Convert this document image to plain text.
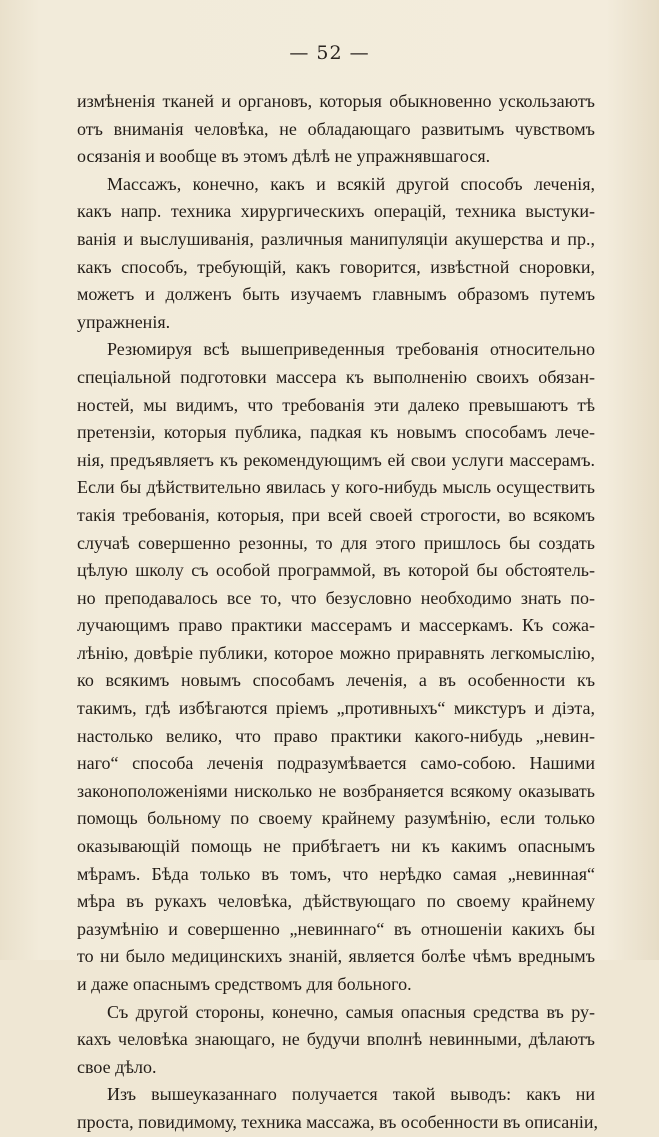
— 52 —
измѣненія тканей и органовъ, которыя обыкновенно ускользаютъ
отъ вниманія человѣка, не обладающаго развитымъ чувствомъ
осязанія и вообще въ этомъ дѣлѣ не упражнявшагося.
Массажъ, конечно, какъ и всякій другой способъ леченія,
какъ напр. техника хирургическихъ операцій, техника выстуки-
ванія и выслушиванія, различныя манипуляціи акушерства и пр.,
какъ способъ, требующій, какъ говорится, извѣстной сноровки,
можетъ и долженъ быть изучаемъ главнымъ образомъ путемъ
упражненія.
Резюмируя всѣ вышеприведенныя требованія относительно
спеціальной подготовки массера къ выполненію своихъ обязан-
ностей, мы видимъ, что требованія эти далеко превышаютъ тѣ
претензіи, которыя публика, падкая къ новымъ способамъ лече-
нія, предъявляетъ къ рекомендующимъ ей свои услуги массерамъ.
Если бы дѣйствительно явилась у кого-нибудь мысль осуществить
такія требованія, которыя, при всей своей строгости, во всякомъ
случаѣ совершенно резонны, то для этого пришлось бы создать
цѣлую школу съ особой программой, въ которой бы обстоятель-
но преподавалось все то, что безусловно необходимо знать по-
лучающимъ право практики массерамъ и массеркамъ. Къ сожа-
лѣнію, довѣріе публики, которое можно приравнять легкомыслію,
ко всякимъ новымъ способамъ леченія, а въ особенности къ
такимъ, гдѣ избѣгаются пріемъ „противныхъ“ микстуръ и діэта,
настолько велико, что право практики какого-нибудь „невин-
наго“ способа леченія подразумѣвается само-собою. Нашими
законоположеніями нисколько не возбраняется всякому оказывать
помощь больному по своему крайнему разумѣнію, если только
оказывающій помощь не прибѣгаетъ ни къ какимъ опаснымъ
мѣрамъ. Бѣда только въ томъ, что нерѣдко самая „невинная“
мѣра въ рукахъ человѣка, дѣйствующаго по своему крайнему
разумѣнію и совершенно „невиннаго“ въ отношеніи какихъ бы
то ни было медицинскихъ знаній, является болѣе чѣмъ вреднымъ
и даже опаснымъ средствомъ для больного.
Съ другой стороны, конечно, самыя опасныя средства въ ру-
кахъ человѣка знающаго, не будучи вполнѣ невинными, дѣлаютъ
свое дѣло.
Изъ вышеуказаннаго получается такой выводъ: какъ ни
проста, повидимому, техника массажа, въ особенности въ описаніи,
